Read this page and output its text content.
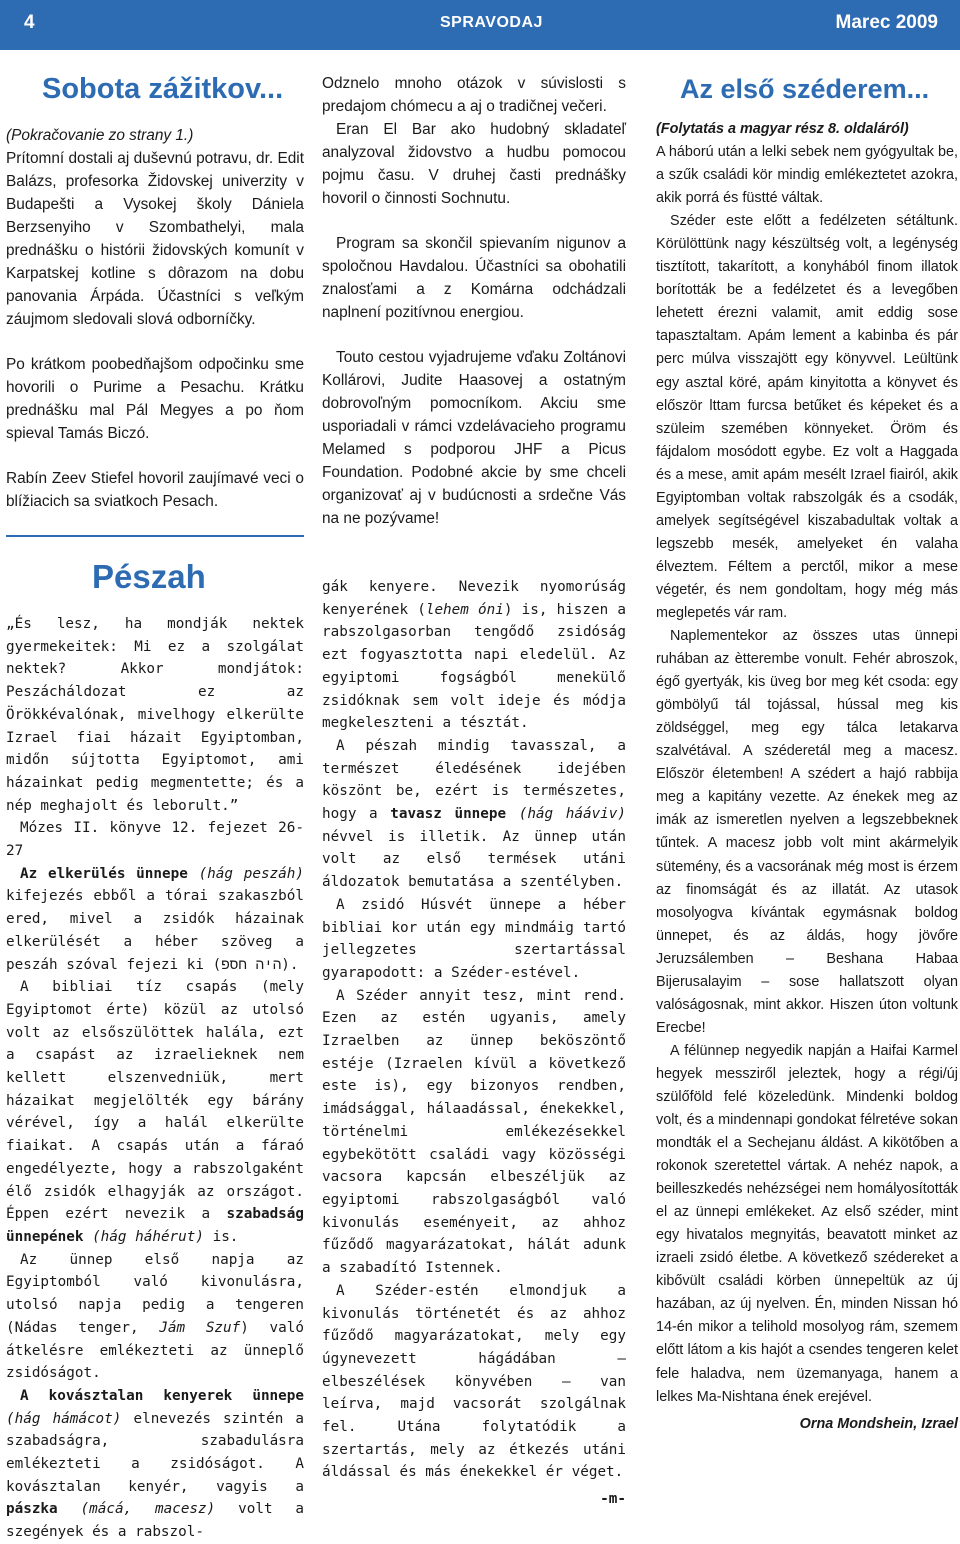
4	SPRAVODAJ	Marec 2009
Sobota zážitkov...

(Pokračovanie zo strany 1.)

Prítomní dostali aj duševnú potravu, dr. Edit Balázs, profesorka Židovskej univerzity v Budapešti a Vysokej školy Dániela Berzsenyiho v Szombathelyi, mala prednášku o histórii židovských komunít v Karpatskej kotline s dôrazom na dobu panovania Árpáda. Účastníci s veľkým záujmom sledovali slová odborníčky.

Po krátkom poobedňajšom odpočinku sme hovorili o Purime a Pesachu. Krátku prednášku mal Pál Megyes a po ňom spieval Tamás Biczó.

Rabín Zeev Stiefel hovoril zaujímavé veci o blížiacich sa sviatkoch Pesach.

Pészah

„És lesz, ha mondják nektek gyermekeitek: Mi ez a szolgálat nektek? Akkor mondjátok: Peszácháldozat ez az Örökkévalónak, mivelhogy elkerülte Izrael fiai házait Egyiptomban, midőn sújtotta Egyiptomot, ami házainkat pedig megmentette; és a nép meghajolt és leborult.”

Mózes II. könyve 12. fejezet 26-27

Az elkerülés ünnepe (hág peszáh) kifejezés ebből a tórai szakaszból ered, mivel a zsidók házainak elkerülését a héber szöveg a peszáh szóval fejezi ki (היה חספ).

A bibliai tíz csapás (mely Egyiptomot érte) közül az utolsó volt az elsőszülöttek halála, ezt a csapást az izraelieknek nem kellett elszenvedniük, mert házaikat megjelölték egy bárány vérével, így a halál elkerülte fiaikat. A csapás után a fáraó engedélyezte, hogy a rabszolgaként élő zsidók elhagyják az országot. Éppen ezért nevezik a szabadság ünnepének (hág háhérut) is.

Az ünnep első napja az Egyiptomból való kivonulásra, utolsó napja pedig a tengeren (Nádas tenger, Jám Szuf) való átkelésre emlékezteti az ünneplő zsidóságot.

A kovásztalan kenyerek ünnepe (hág hámácot) elnevezés szintén a szabadságra, szabadulásra emlékezteti a zsidóságot. A kovásztalan kenyér, vagyis a pászka (mácá, macesz) volt a szegények és a rabszol-

Odznelo mnoho otázok v súvislosti s predajom chómecu a aj o tradičnej večeri.

Eran El Bar ako hudobný skladateľ analyzoval židovstvo a hudbu pomocou pojmu času. V druhej časti prednášky hovoril o činnosti Sochnutu.

Program sa skončil spievaním nigunov a spoločnou Havdalou. Účastníci sa obohatili znalosťami a z Komárna odchádzali naplnení pozitívnou energiou.

Touto cestou vyjadrujeme vďaku Zoltánovi Kollárovi, Judite Haasovej a ostatným dobrovoľným pomocníkom. Akciu sme usporiadali v rámci vzdelávacieho programu Melamed s podporou JHF a Picus Foundation. Podobné akcie by sme chceli organizovať aj v budúcnosti a srdečne Vás na ne pozývame!

gák kenyere. Nevezik nyomorúság kenyerének (lehem óni) is, hiszen a rabszolgasorban tengődő zsidóság ezt fogyasztotta napi eledelül. Az egyiptomi fogságból menekülő zsidóknak sem volt ideje és módja megkeleszteni a tésztát.

A pészah mindig tavasszal, a természet éledésének idejében köszönt be, ezért is természetes, hogy a tavasz ünnepe (hág hááviv) névvel is illetik. Az ünnep után volt az első termések utáni áldozatok bemutatása a szentélyben.

A zsidó Húsvét ünnepe a héber bibliai kor után egy mindmáig tartó jellegzetes szertartással gyarapodott: a Széder-estével.

A Széder annyit tesz, mint rend. Ezen az estén ugyanis, amely Izraelben az ünnep beköszöntő estéje (Izraelen kívül a következő este is), egy bizonyos rendben, imádsággal, hálaadással, énekekkel, történelmi emlékezésekkel egybekötött családi vagy közösségi vacsora kapcsán elbeszéljük az egyiptomi rabszolgaságból való kivonulás eseményeit, az ahhoz fűződő magyarázatokat, hálát adunk a szabadító Istennek.

A Széder-estén elmondjuk a kivonulás történetét és az ahhoz fűződő magyarázatokat, mely egy úgynevezett hágádában – elbeszélések könyvében – van leírva, majd vacsorát szolgálnak fel. Utána folytatódik a szertartás, mely az étkezés utáni áldással és más énekekkel ér véget.

-m-

Az első széderem...

(Folytatás a magyar rész 8. oldaláról)

A háború után a lelki sebek nem gyógyultak be, a szűk családi kör mindig emlékeztetet azokra, akik porrá és füstté váltak.

Széder este előtt a fedélzeten sétáltunk. Körülöttünk nagy készültség volt, a legénység tisztított, takarított, a konyhából finom illatok borították be a fedélzetet és a levegőben lehetett érezni valamit, amit eddig sose tapasztaltam. Apám lement a kabinba és pár perc múlva visszajött egy könyvvel. Leültünk egy asztal köré, apám kinyitotta a könyvet és először lttam furcsa betűket és képeket és a szüleim szemében könnyeket. Öröm és fájdalom mosódott egybe. Ez volt a Haggada és a mese, amit apám mesélt Izrael fiairól, akik Egyiptomban voltak rabszolgák és a csodák, amelyek segítségével kiszabadultak voltak a legszebb mesék, amelyeket én valaha élveztem. Féltem a perctől, mikor a mese végetér, és nem gondoltam, hogy még más meglepetés vár ram.

Naplementekor az összes utas ünnepi ruhában az ètterembe vonult. Fehér abroszok, égő gyertyák, kis üveg bor meg két csoda: egy gömbölyű tál tojással, hússal meg kis zöldséggel, meg egy tálca letakarva szalvétával. A széderetál meg a macesz. Először életemben! A szédert a hajó rabbija meg a kapitány vezette. Az énekek meg az imák az ismeretlen nyelven a legszebbeknek tűntek. A macesz jobb volt mint akármelyik sütemény, és a vacsorának még most is érzem az finomságát és az illatát. Az utasok mosolyogva kívántak egymásnak boldog ünnepet, és az áldás, hogy jövőre Jeruzsálemben – Beshana Habaa Bijerusalayim – sose hallatszott olyan valóságosnak, mint akkor. Hiszen úton voltunk Erecbe!

A félünnep negyedik napján a Haifai Karmel hegyek messziről jeleztek, hogy a régi/új szülőföld felé közeledünk. Mindenki boldog volt, és a mindennapi gondokat félretéve sokan mondták el a Sechejanu áldást. A kikötőben a rokonok szeretettel vártak. A nehéz napok, a beilleszkedés nehézségei nem homályosították el az ünnepi emlékeket. Az első széder, mint egy hivatalos megnyitás, beavatott minket az izraeli zsidó életbe. A következő szédereket a kibővült családi körben ünnepeltük az új hazában, az új nyelven. Én, minden Nissan hó 14-én mikor a telihold mosolyog rám, szemem előtt látom a kis hajót a csendes tengeren kelet fele haladva, nem üzemanyaga, hanem a lelkes Ma-Nishtana ének erejével.

Orna Mondshein, Izrael
